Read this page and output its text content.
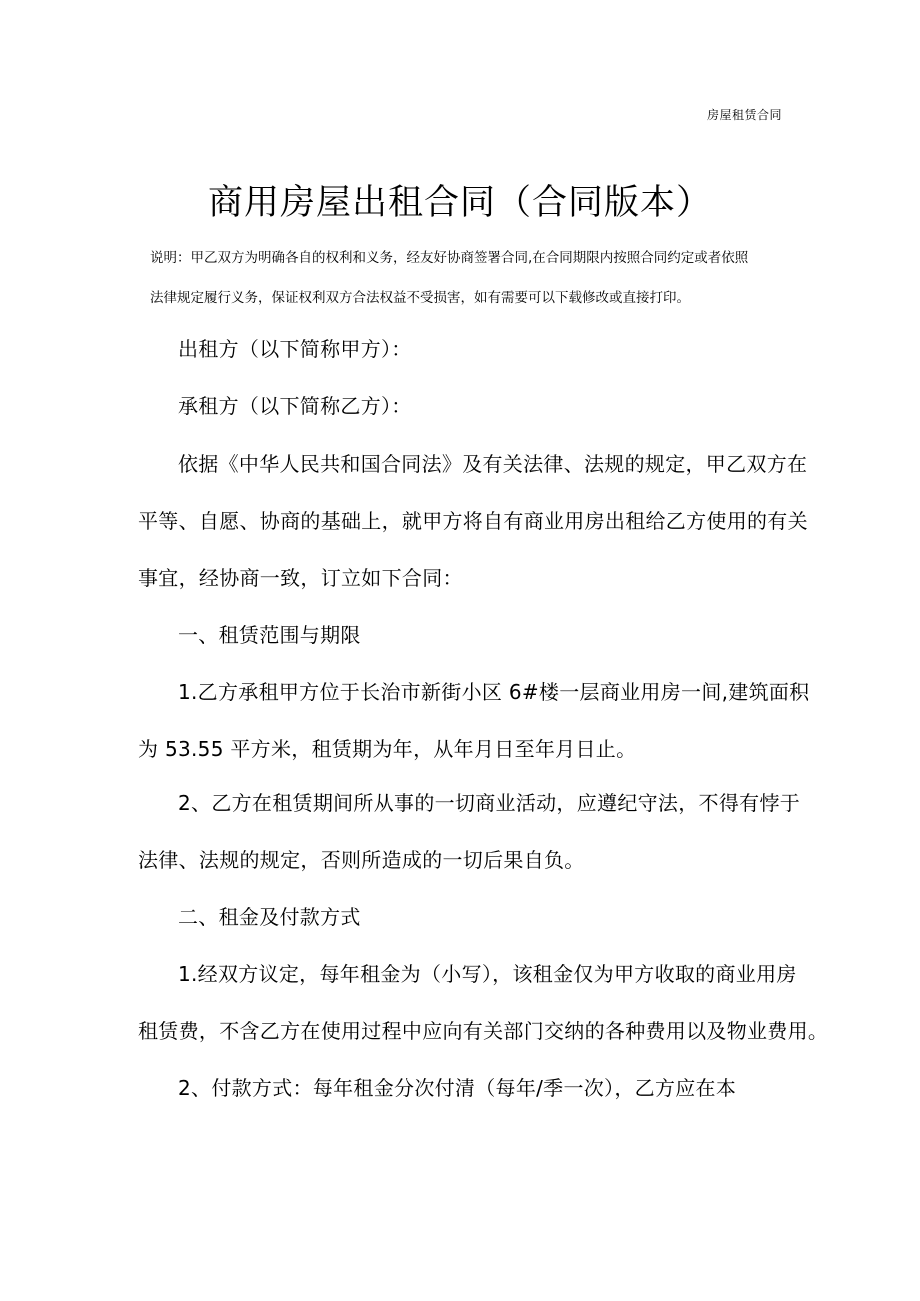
房屋租赁合同
商用房屋出租合同（合同版本）
说明：甲乙双方为明确各自的权利和义务，经友好协商签署合同,在合同期限内按照合同约定或者依照
法律规定履行义务，保证权利双方合法权益不受损害，如有需要可以下载修改或直接打印。
出租方（以下简称甲方）：
承租方（以下简称乙方）：
依据《中华人民共和国合同法》及有关法律、法规的规定，甲乙双方在
平等、自愿、协商的基础上，就甲方将自有商业用房出租给乙方使用的有关
事宜，经协商一致，订立如下合同：
一、租赁范围与期限
1.乙方承租甲方位于长治市新街小区 6#楼一层商业用房一间,建筑面积
为 53.55 平方米，租赁期为年，从年月日至年月日止。
2、乙方在租赁期间所从事的一切商业活动，应遵纪守法，不得有悖于
法律、法规的规定，否则所造成的一切后果自负。
二、租金及付款方式
1.经双方议定，每年租金为（小写），该租金仅为甲方收取的商业用房
租赁费，不含乙方在使用过程中应向有关部门交纳的各种费用以及物业费用。
2、付款方式：每年租金分次付清（每年/季一次），乙方应在本
